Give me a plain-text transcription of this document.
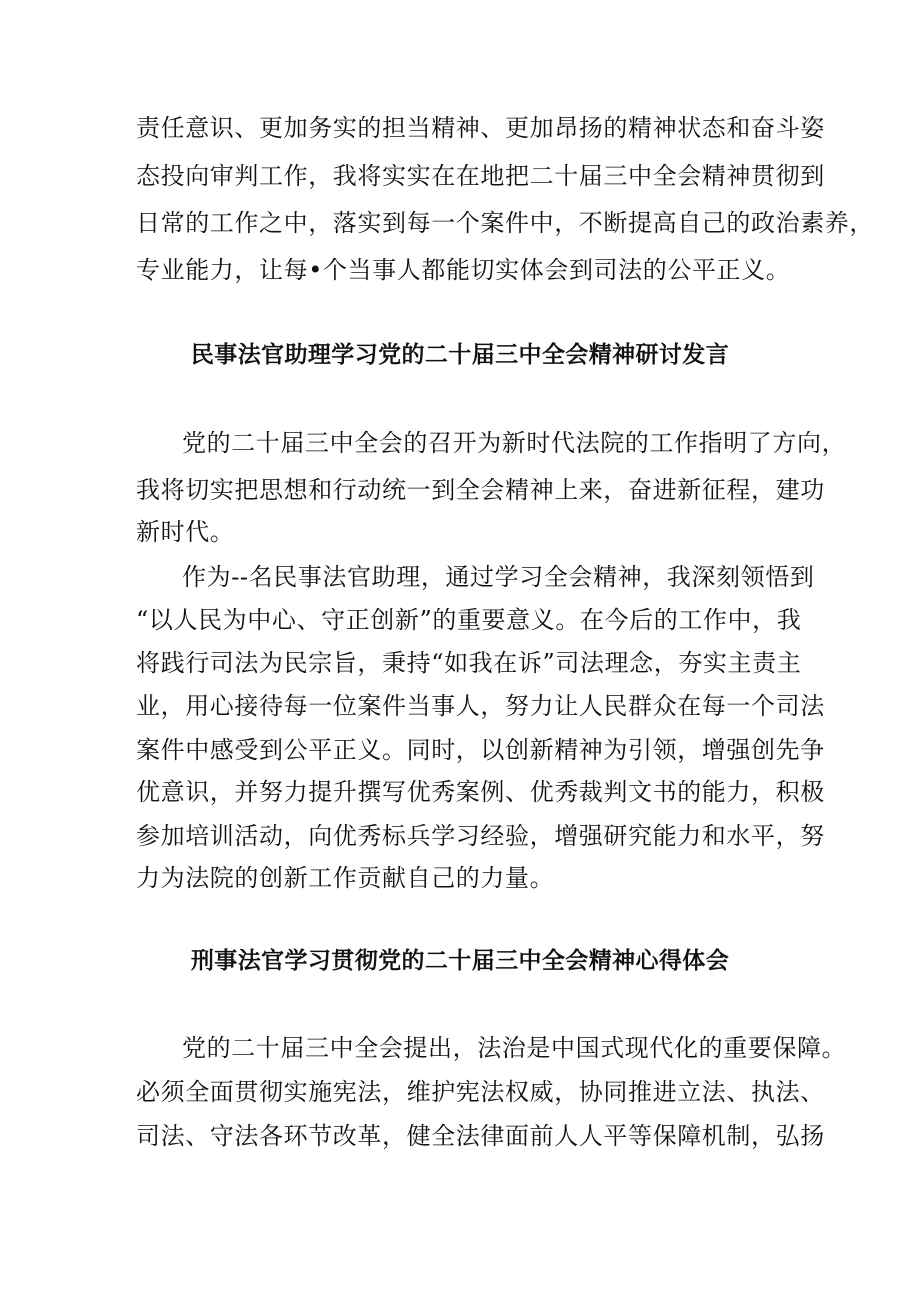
责任意识、更加务实的担当精神、更加昂扬的精神状态和奋斗姿
态投向审判工作，我将实实在在地把二十届三中全会精神贯彻到
日常的工作之中，落实到每一个案件中，不断提高自己的政治素养，
专业能力，让每•个当事人都能切实体会到司法的公平正义。
民事法官助理学习党的二十届三中全会精神研讨发言
党的二十届三中全会的召开为新时代法院的工作指明了方向，
我将切实把思想和行动统一到全会精神上来，奋进新征程，建功
新时代。
作为--名民事法官助理，通过学习全会精神，我深刻领悟到
“以人民为中心、守正创新”的重要意义。在今后的工作中，我
将践行司法为民宗旨，秉持“如我在诉”司法理念，夯实主责主
业，用心接待每一位案件当事人，努力让人民群众在每一个司法
案件中感受到公平正义。同时，以创新精神为引领，增强创先争
优意识，并努力提升撰写优秀案例、优秀裁判文书的能力，积极
参加培训活动，向优秀标兵学习经验，增强研究能力和水平，努
力为法院的创新工作贡献自己的力量。
刑事法官学习贯彻党的二十届三中全会精神心得体会
党的二十届三中全会提出，法治是中国式现代化的重要保障。
必须全面贯彻实施宪法，维护宪法权威，协同推进立法、执法、
司法、守法各环节改革，健全法律面前人人平等保障机制，弘扬
